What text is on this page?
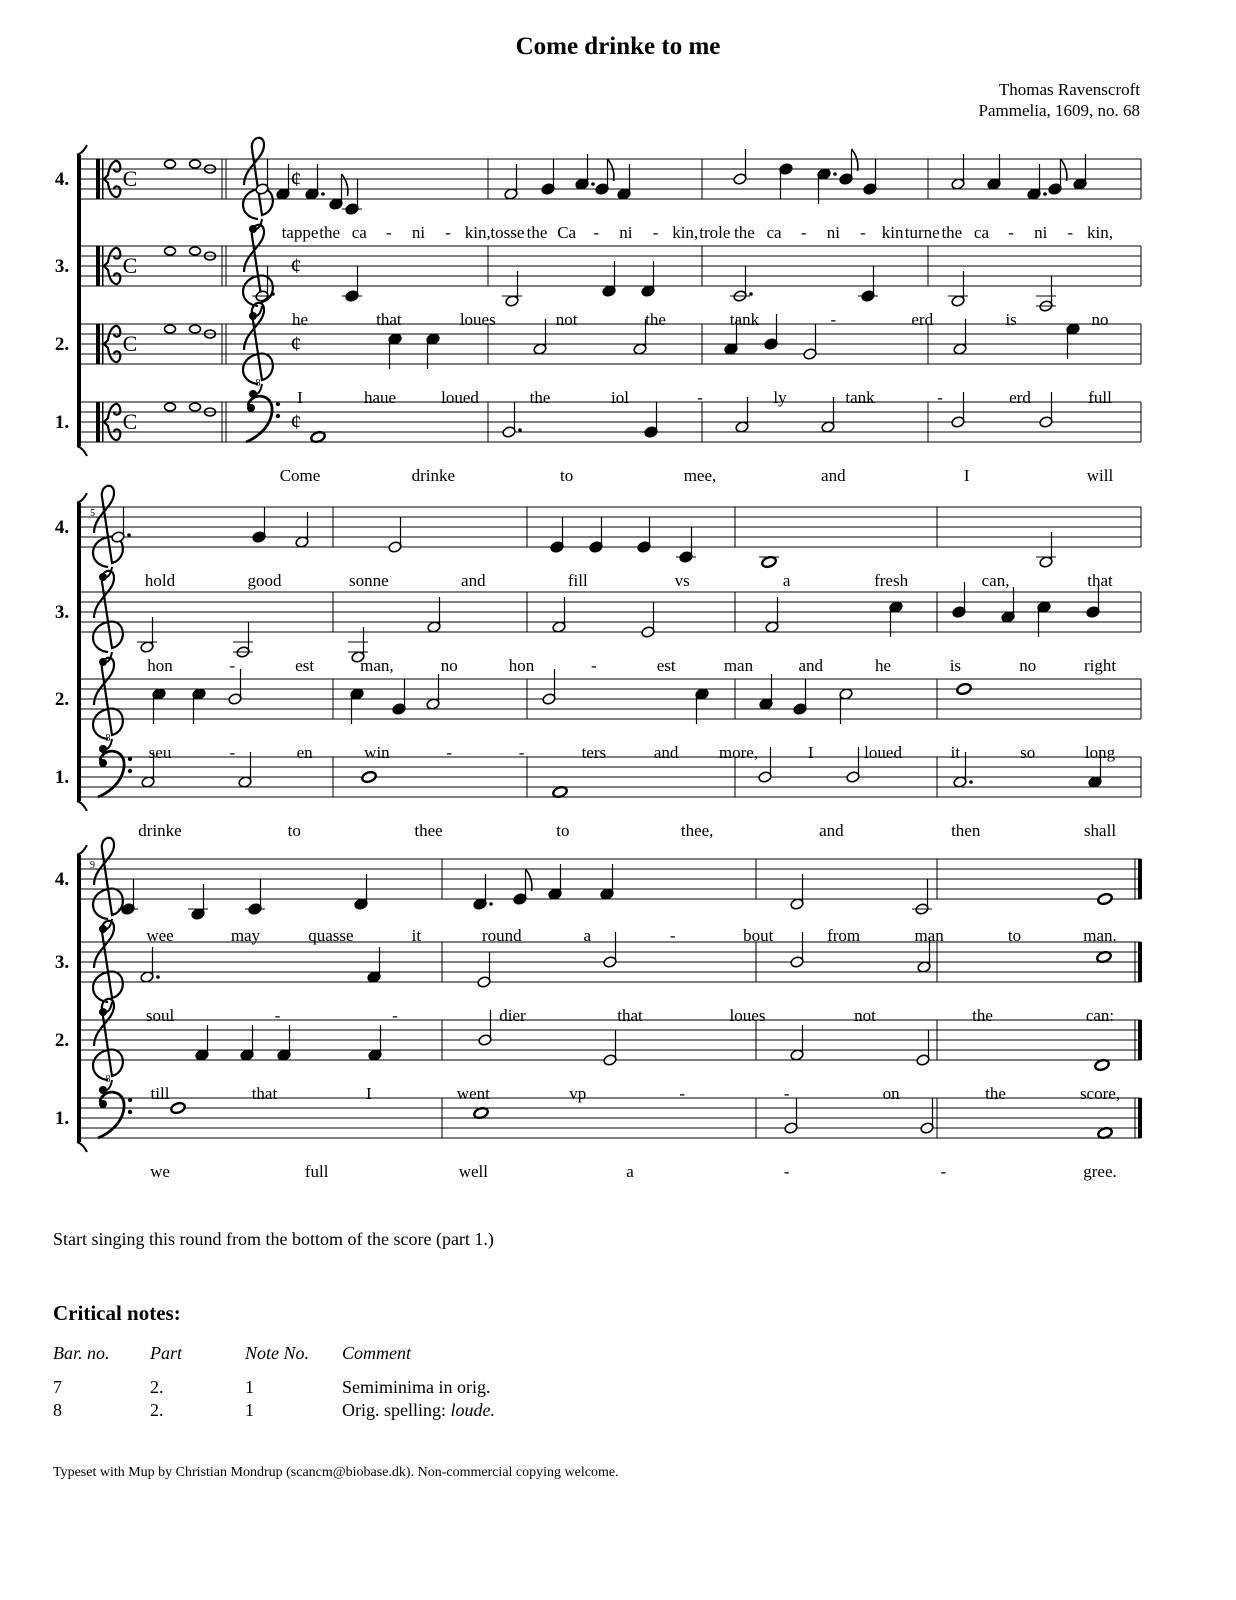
4. C	¢
tappe the ca - ni - kin, tosse the Ca - ni - kin, trole the ca - ni - kin turne the ca - ni - kin,
3. C	¢
he	that	loues	not	the	tank	-	erd	is	no
2. C	¢
8
I	haue	loued	the	iol	-	ly	tank	-	erd	full
1. C	¢
Come	drinke	to	mee,	and	I	will
5
4.
hold	good	sonne	and	fill	vs	a	fresh	can,	that
3.
hon	-	est	man,	no	hon	-	est	man	and	he	is	no	right
2.
8
seu	-	en	win	-	-	ters	and more,	I	loued	it	so	long
1.
drinke	to	thee	to	thee,	and	then	shall
9
4.
wee	may	quasse	it	round	a	-	bout	from	man	to	man.
3.
soul	-	-	dier	that	loues	not	the	can:
2.
8
till	that	I	went	vp	-	-	on	the	score,
1.
we	full	well	a	-	-	gree.
Come drinke to me
Thomas Ravenscroft
Pammelia, 1609, no. 68
Start singing this round from the bottom of the score (part 1.)
Critical notes:
Bar. no.	Part	Note No.	Comment
7	2.	1	Semiminima in orig.
8	2.	1	Orig. spelling: loude.
Typeset with Mup by Christian Mondrup (scancm@biobase.dk). Non-commercial copying welcome.
